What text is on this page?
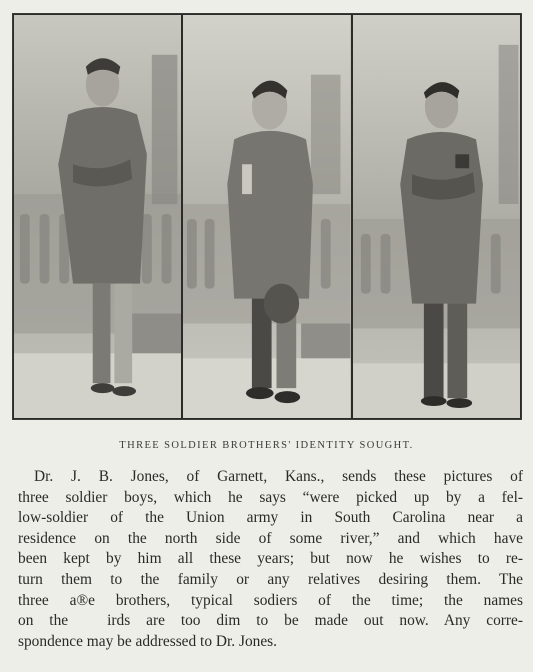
THREE SOLDIER BROTHERS' IDENTITY SOUGHT.
Dr. J. B. Jones, of Garnett, Kans., sends these pictures of
three soldier boys, which he says “were picked up by a fel-
low-soldier of the Union army in South Carolina near a
residence on the north side of some river,” and which have
been kept by him all these years; but now he wishes to re-
turn them to the family or any relatives desiring them. The
three a®e brothers, typical sodiers of the time; the names
on the   irds are too dim to be made out now. Any corre-
spondence may be addressed to Dr. Jones.
